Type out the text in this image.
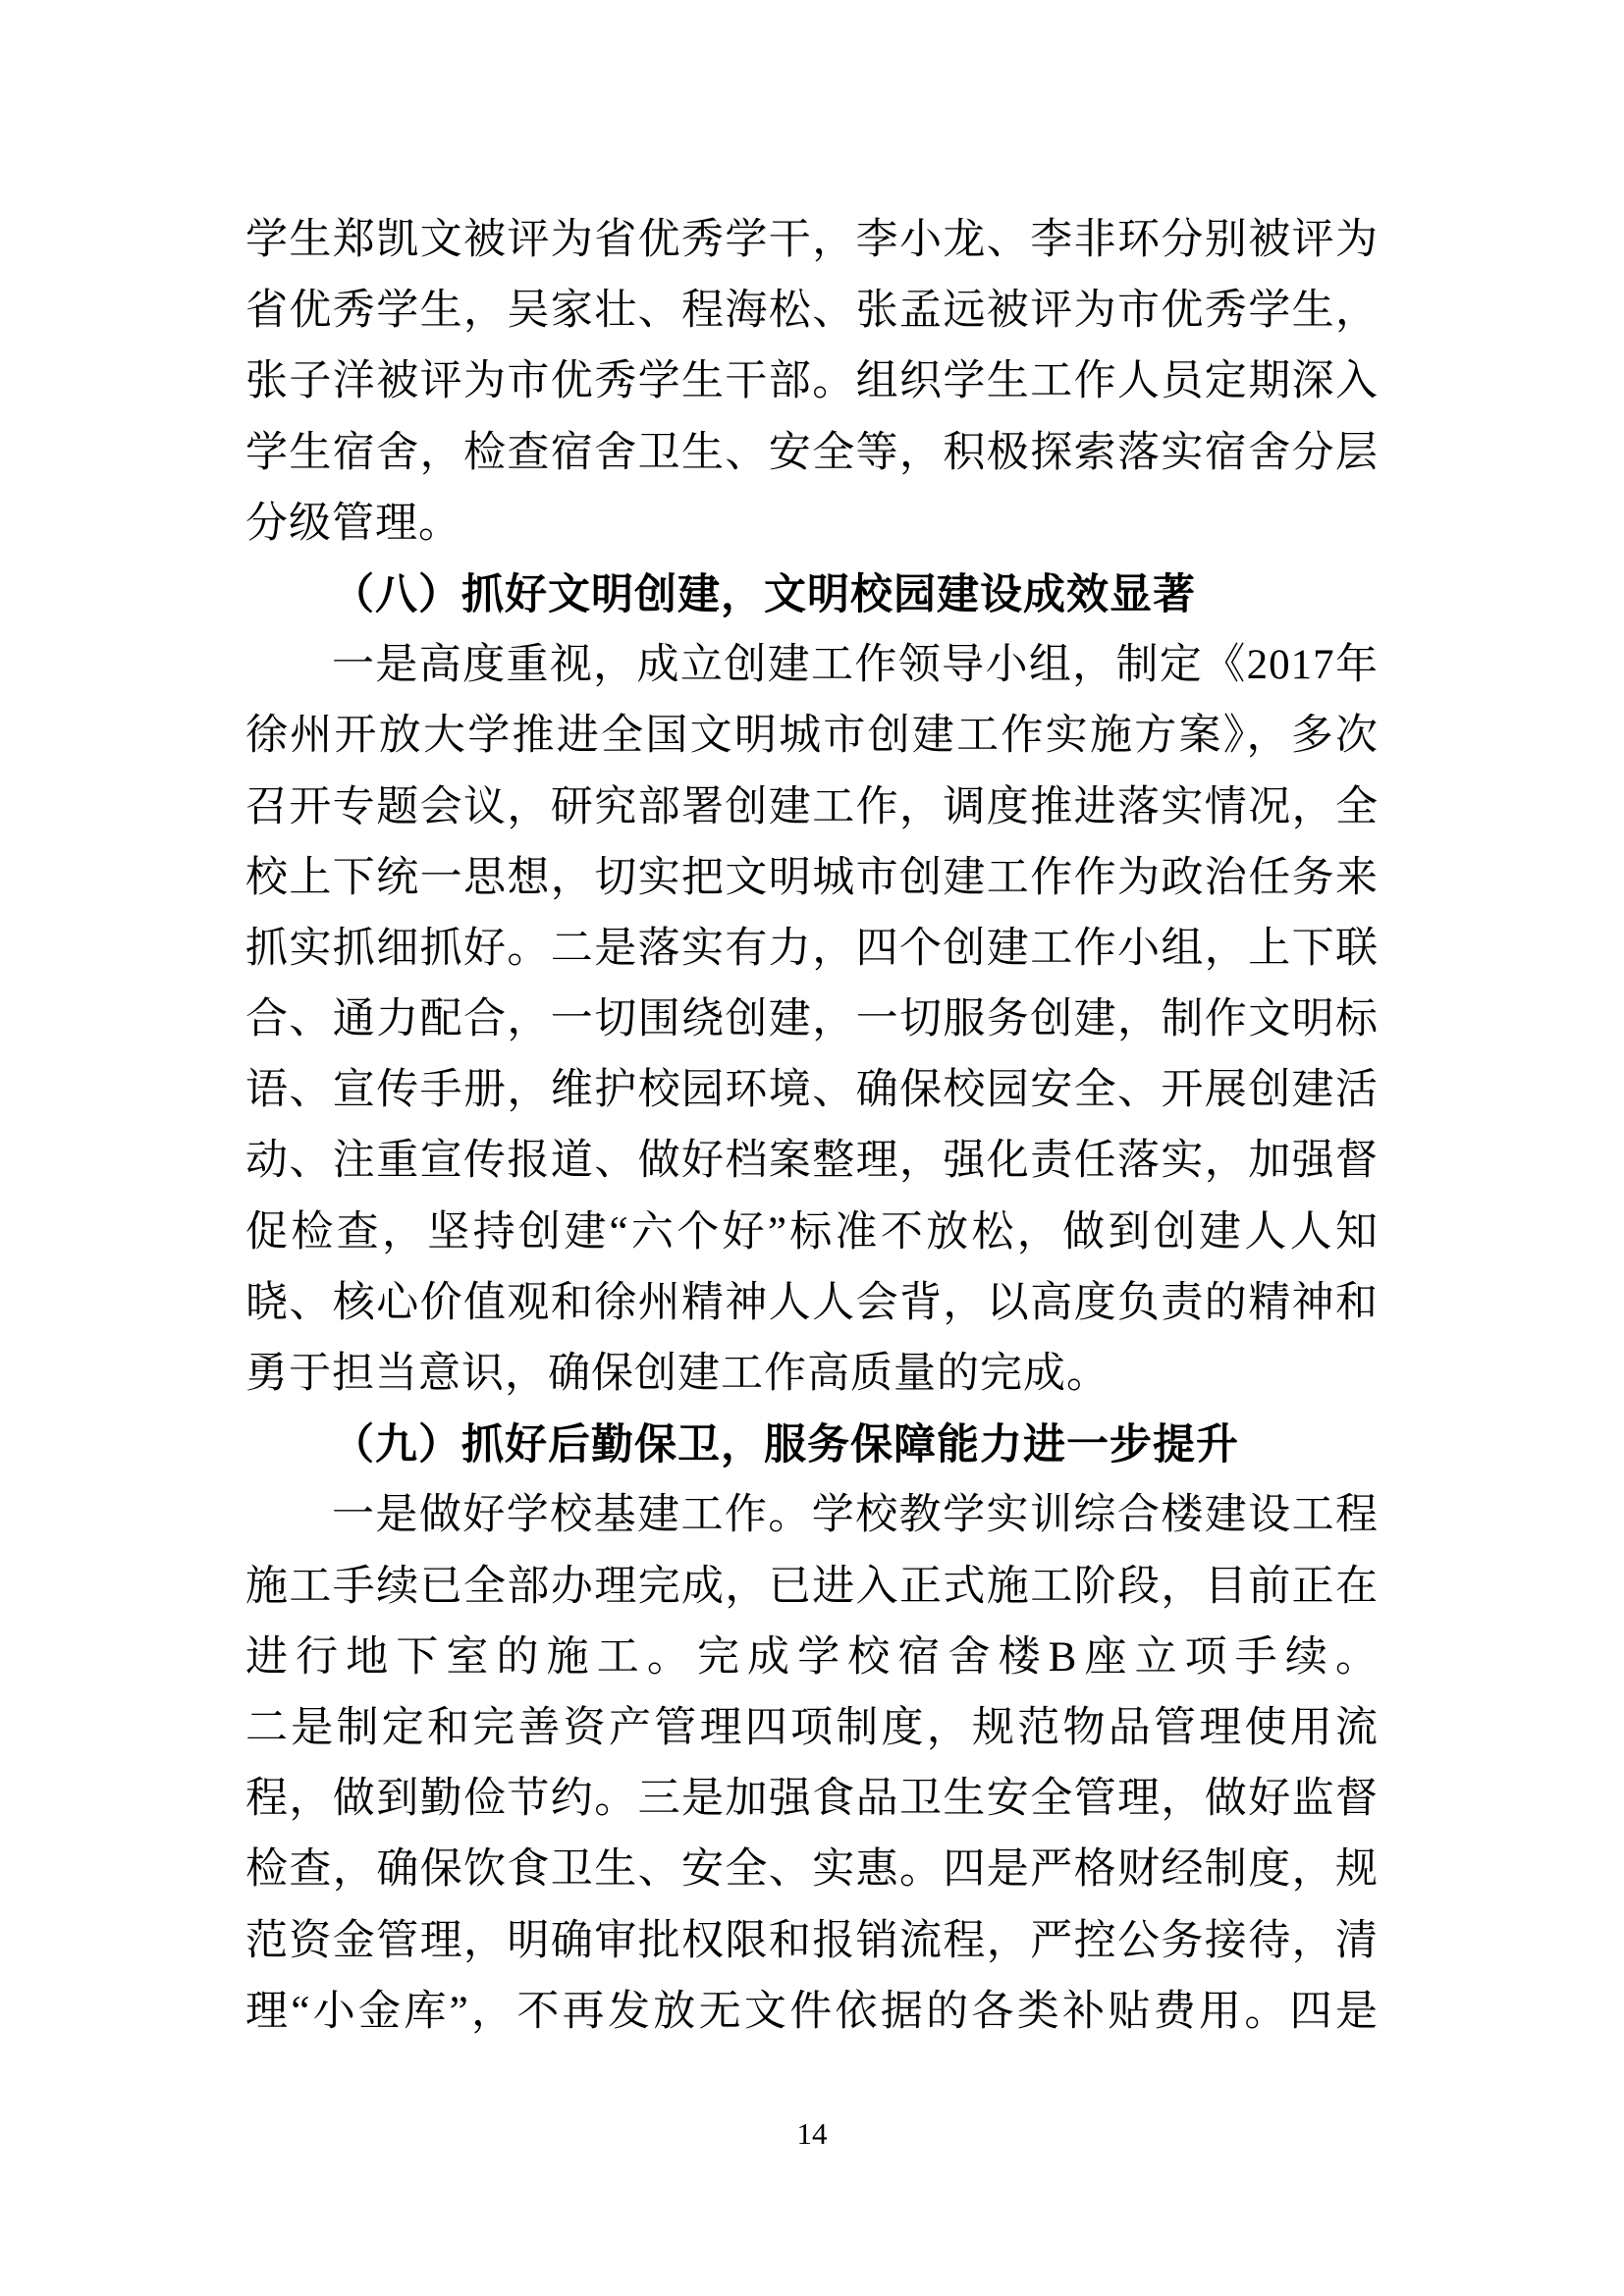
学生郑凯文被评为省优秀学干，李小龙、李非环分别被评为
省优秀学生，吴家壮、程海松、张孟远被评为市优秀学生，
张子洋被评为市优秀学生干部。组织学生工作人员定期深入
学生宿舍，检查宿舍卫生、安全等，积极探索落实宿舍分层
分级管理。
（八）抓好文明创建，文明校园建设成效显著
一是高度重视，成立创建工作领导小组，制定《2017年
徐州开放大学推进全国文明城市创建工作实施方案》，多次
召开专题会议，研究部署创建工作，调度推进落实情况，全
校上下统一思想，切实把文明城市创建工作作为政治任务来
抓实抓细抓好。二是落实有力，四个创建工作小组，上下联
合、通力配合，一切围绕创建，一切服务创建，制作文明标
语、宣传手册，维护校园环境、确保校园安全、开展创建活
动、注重宣传报道、做好档案整理，强化责任落实，加强督
促检查，坚持创建“六个好”标准不放松，做到创建人人知
晓、核心价值观和徐州精神人人会背，以高度负责的精神和
勇于担当意识，确保创建工作高质量的完成。
（九）抓好后勤保卫，服务保障能力进一步提升
一是做好学校基建工作。学校教学实训综合楼建设工程
施工手续已全部办理完成，已进入正式施工阶段，目前正在
进行地下室的施工。完成学校宿舍楼B座立项手续。
二是制定和完善资产管理四项制度，规范物品管理使用流
程，做到勤俭节约。三是加强食品卫生安全管理，做好监督
检查，确保饮食卫生、安全、实惠。四是严格财经制度，规
范资金管理，明确审批权限和报销流程，严控公务接待，清
理“小金库”，不再发放无文件依据的各类补贴费用。四是
14
